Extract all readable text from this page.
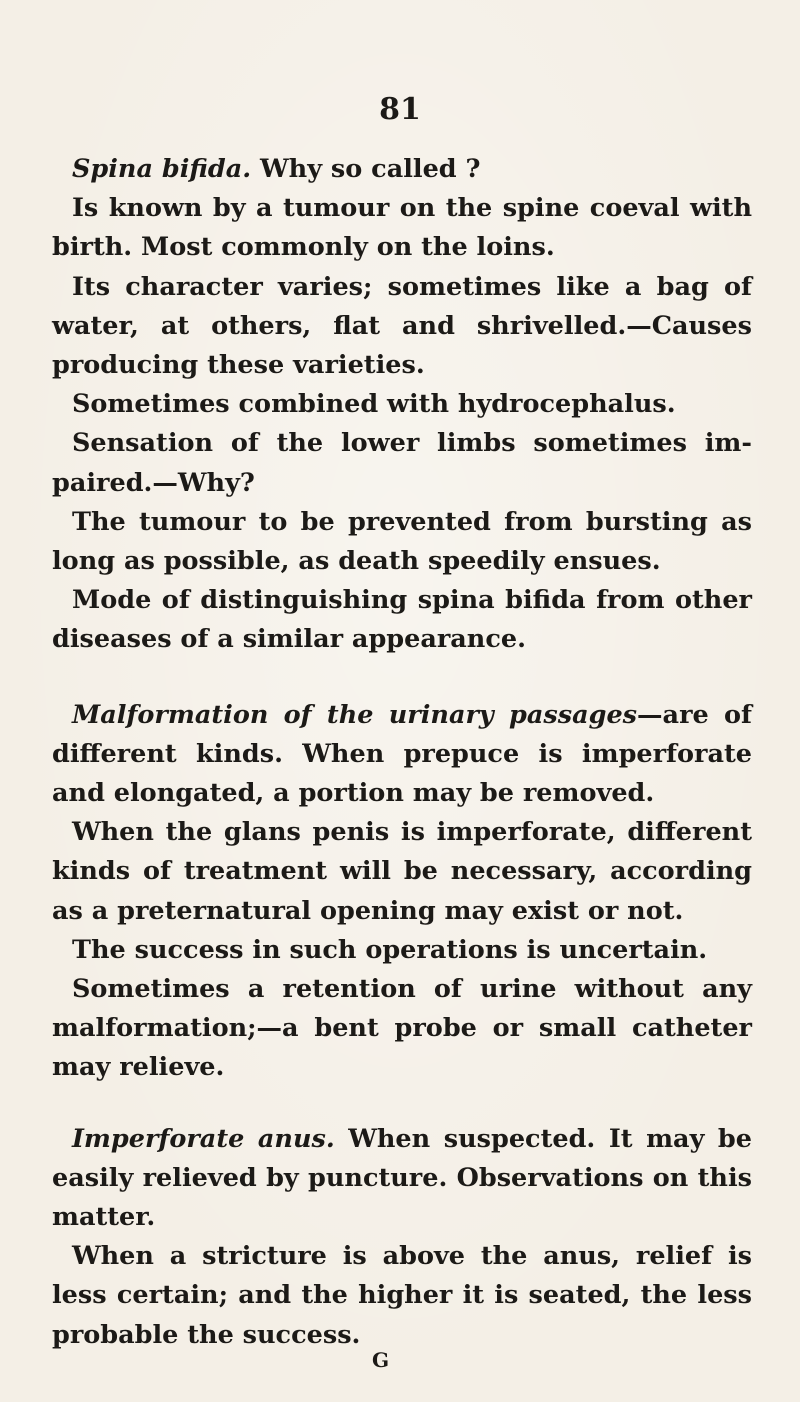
81

Spina bifida. Why so called ?

Is known by a tumour on the spine coeval with birth. Most commonly on the loins.

Its character varies; sometimes like a bag of water, at others, flat and shrivelled.—Causes producing these varieties.

Sometimes combined with hydrocephalus.

Sensation of the lower limbs sometimes im-paired.—Why?

The tumour to be prevented from bursting as long as possible, as death speedily ensues.

Mode of distinguishing spina bifida from other diseases of a similar appearance.

Malformation of the urinary passages—are of different kinds. When prepuce is imperforate and elongated, a portion may be removed.

When the glans penis is imperforate, different kinds of treatment will be necessary, according as a preternatural opening may exist or not.

The success in such operations is uncertain.

Sometimes a retention of urine without any malformation;—a bent probe or small catheter may relieve.

Imperforate anus. When suspected. It may be easily relieved by puncture. Observations on this matter.

When a stricture is above the anus, relief is less certain; and the higher it is seated, the less probable the success.

G
